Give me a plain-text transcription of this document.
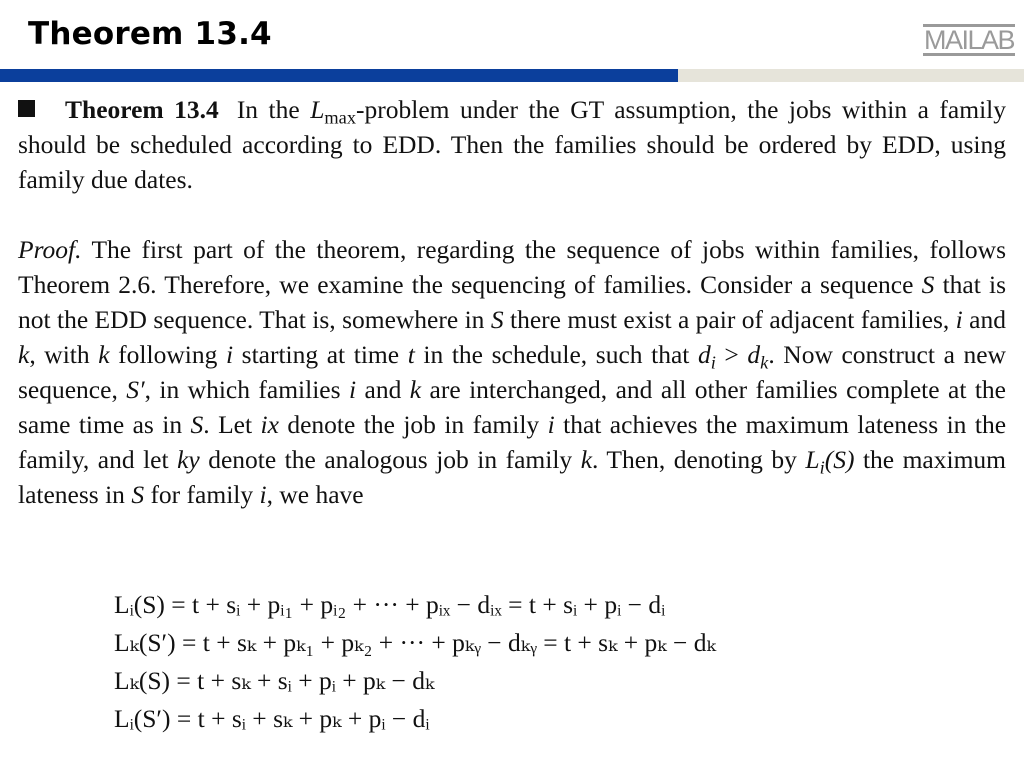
Theorem 13.4	MAILAB

Theorem 13.4 In the $L_{max}$-problem under the GT assumption, the jobs within a family should be scheduled according to EDD. Then the families should be ordered by EDD, using family due dates.

Proof. The first part of the theorem, regarding the sequence of jobs within families, follows Theorem 2.6. Therefore, we examine the sequencing of families. Consider a sequence S that is not the EDD sequence. That is, somewhere in S there must exist a pair of adjacent families, i and k, with k following i starting at time t in the schedule, such that $d_i > d_k$. Now construct a new sequence, S′, in which families i and k are interchanged, and all other families complete at the same time as in S. Let ix denote the job in family i that achieves the maximum lateness in the family, and let ky denote the analogous job in family k. Then, denoting by $L_i(S)$ the maximum lateness in S for family i, we have

Lᵢ(S) = t + sᵢ + pᵢ₁ + pᵢ₂ + ··· + pᵢₓ − dᵢₓ = t + sᵢ + pᵢ − dᵢ
Lₖ(S′) = t + sₖ + pₖ₁ + pₖ₂ + ··· + pₖᵧ − dₖᵧ = t + sₖ + pₖ − dₖ
Lₖ(S) = t + sₖ + sᵢ + pᵢ + pₖ − dₖ
Lᵢ(S′) = t + sᵢ + sₖ + pₖ + pᵢ − dᵢ
